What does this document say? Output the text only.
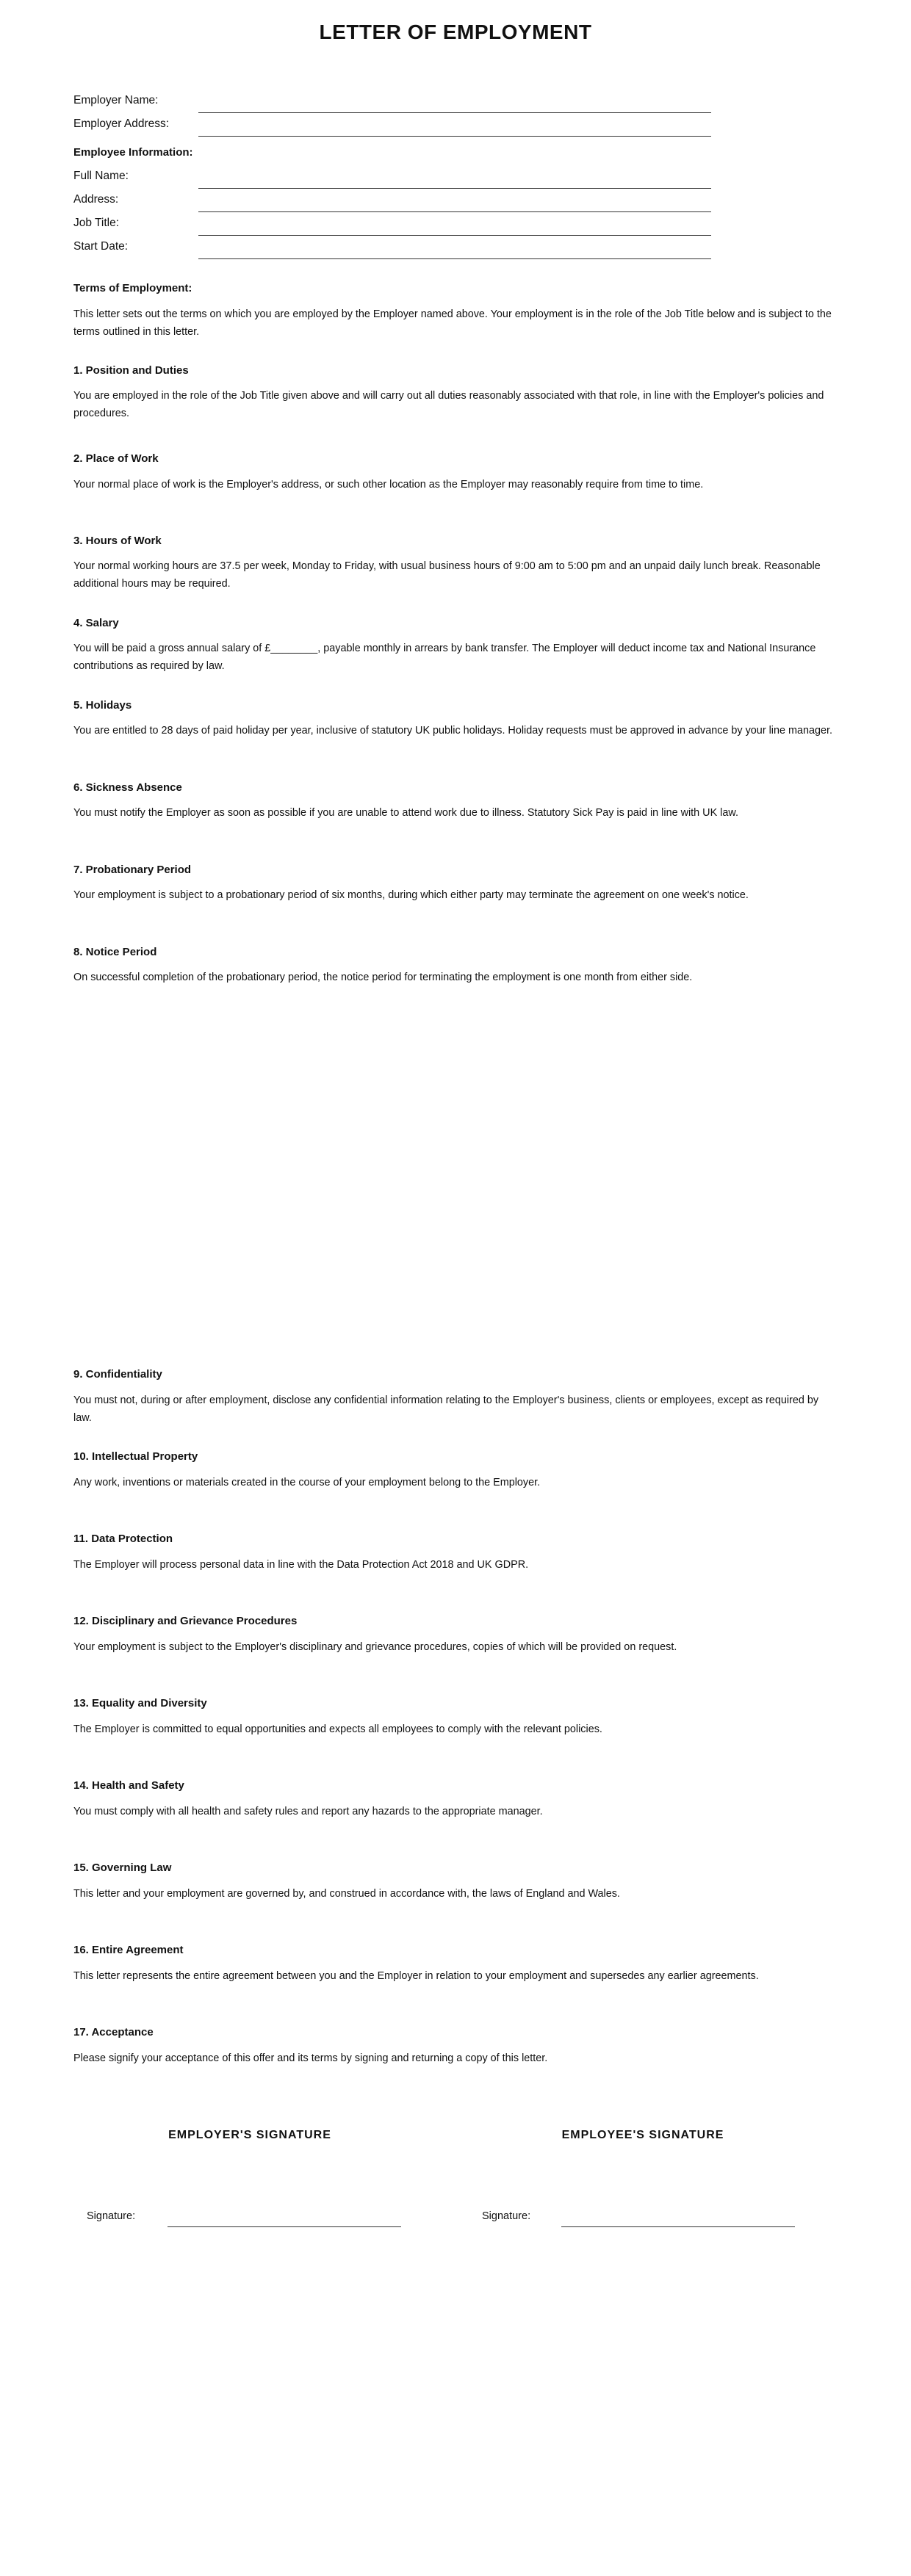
LETTER OF EMPLOYMENT
Employer Name:
Employer Address:
Employee Information:
Full Name:
Address:
Job Title:
Start Date:
Terms of Employment:
This letter sets out the terms on which you are employed by the Employer named above. Your employment is in the role of the Job Title below and is subject to the terms outlined in this letter.
1. Position and Duties
You are employed in the role of the Job Title given above and will carry out all duties reasonably associated with that role, in line with the Employer's policies and procedures.
2. Place of Work
Your normal place of work is the Employer's address, or such other location as the Employer may reasonably require from time to time.
3. Hours of Work
Your normal working hours are 37.5 per week, Monday to Friday, with usual business hours of 9:00 am to 5:00 pm and an unpaid daily lunch break. Reasonable additional hours may be required.
4. Salary
You will be paid a gross annual salary of £________, payable monthly in arrears by bank transfer. The Employer will deduct income tax and National Insurance contributions as required by law.
5. Holidays
You are entitled to 28 days of paid holiday per year, inclusive of statutory UK public holidays. Holiday requests must be approved in advance by your line manager.
6. Sickness Absence
You must notify the Employer as soon as possible if you are unable to attend work due to illness. Statutory Sick Pay is paid in line with UK law.
7. Probationary Period
Your employment is subject to a probationary period of six months, during which either party may terminate the agreement on one week's notice.
8. Notice Period
On successful completion of the probationary period, the notice period for terminating the employment is one month from either side.
9. Confidentiality
You must not, during or after employment, disclose any confidential information relating to the Employer's business, clients or employees, except as required by law.
10. Intellectual Property
Any work, inventions or materials created in the course of your employment belong to the Employer.
11. Data Protection
The Employer will process personal data in line with the Data Protection Act 2018 and UK GDPR.
12. Disciplinary and Grievance Procedures
Your employment is subject to the Employer's disciplinary and grievance procedures, copies of which will be provided on request.
13. Equality and Diversity
The Employer is committed to equal opportunities and expects all employees to comply with the relevant policies.
14. Health and Safety
You must comply with all health and safety rules and report any hazards to the appropriate manager.
15. Governing Law
This letter and your employment are governed by, and construed in accordance with, the laws of England and Wales.
16. Entire Agreement
This letter represents the entire agreement between you and the Employer in relation to your employment and supersedes any earlier agreements.
17. Acceptance
Please signify your acceptance of this offer and its terms by signing and returning a copy of this letter.
EMPLOYER'S SIGNATURE	EMPLOYEE'S SIGNATURE
Signature:	Signature:
